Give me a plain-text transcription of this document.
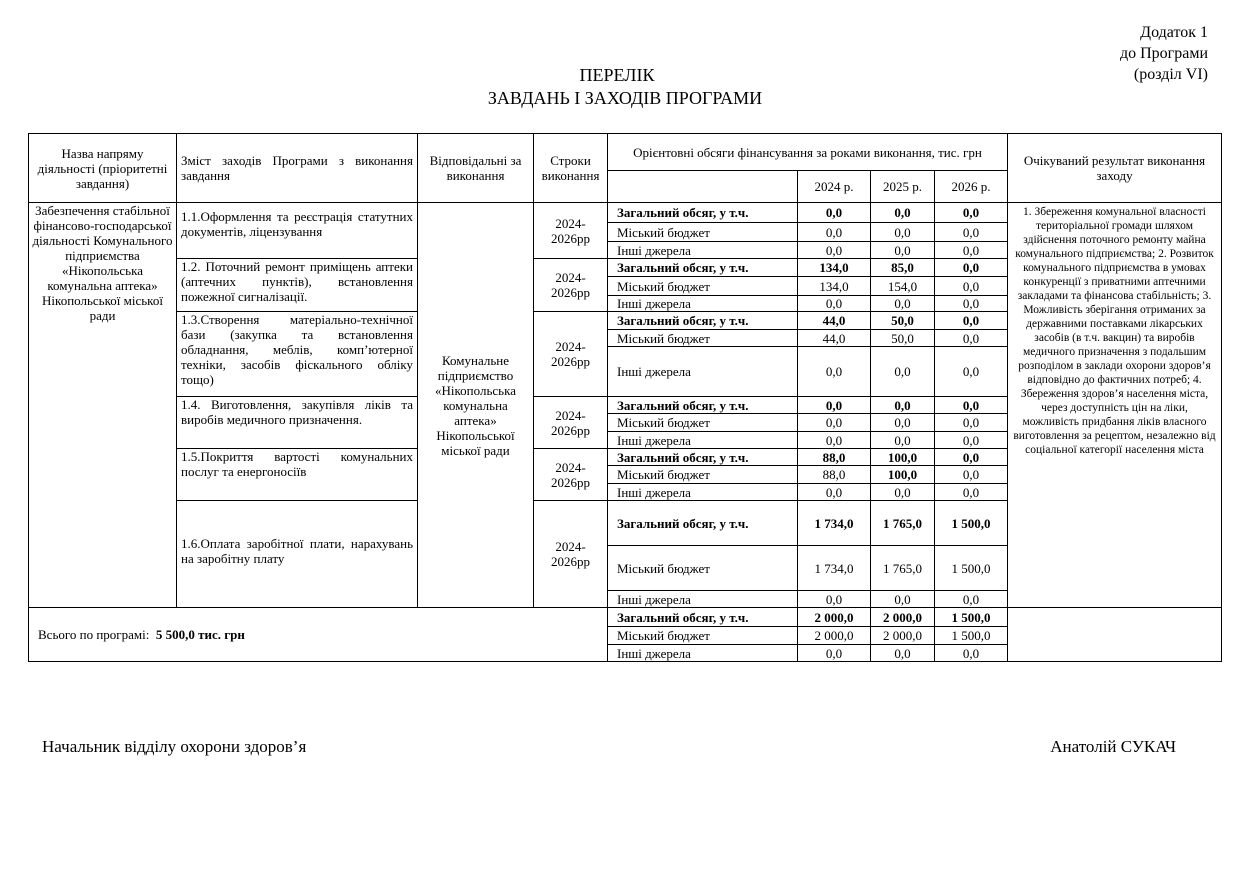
Додаток 1
до Програми
(розділ VI)
ПЕРЕЛІК
ЗАВДАНЬ І ЗАХОДІВ ПРОГРАМИ
Назва напряму діяльності (пріоритетні завдання)	Зміст заходів Програми з виконання завдання	Відповідальні за виконання	Строки виконання	Орієнтовні обсяги фінансування за роками виконання, тис. грн				Очікуваний результат виконання заходу
					2024 р.	2025 р.	2026 р.	
Забезпечення стабільної фінансово-господарської діяльності Комунального підприємства «Нікопольська комунальна аптека» Нікопольської міської ради	1.1.Оформлення та реєстрація статутних документів, ліцензування	Комунальне підприємство «Нікопольська комунальна аптека» Нікопольської міської ради	2024-2026рр	Загальний обсяг, у т.ч.	0,0	0,0	0,0	1. Збереження комунальної власності територіальної громади шляхом здійснення поточного ремонту майна комунального підприємства; 2. Розвиток комунального підприємства в умовах конкуренції з приватними аптечними закладами та фінансова стабільність; 3. Можливість зберігання отриманих за державними поставками лікарських засобів (в т.ч. вакцин) та виробів медичного призначення з подальшим розподілом в заклади охорони здоров’я відповідно до фактичних потреб; 4. Збереження здоров’я населення міста, через доступність цін на ліки, можливість придбання ліків власного виготовлення за рецептом, незалежно від соціальної категорії населення міста
				Міський бюджет	0,0	0,0	0,0	
				Інші джерела	0,0	0,0	0,0	
	1.2. Поточний ремонт приміщень аптеки (аптечних пунктів), встановлення пожежної сигналізації.		2024-2026рр	Загальний обсяг, у т.ч.	134,0	85,0	0,0	
				Міський бюджет	134,0	154,0	0,0	
				Інші джерела	0,0	0,0	0,0	
	1.3.Створення матеріально-технічної бази (закупка та встановлення обладнання, меблів, комп’ютерної техніки, засобів фіскального обліку тощо)		2024-2026рр	Загальний обсяг, у т.ч.	44,0	50,0	0,0	
				Міський бюджет	44,0	50,0	0,0	
				Інші джерела	0,0	0,0	0,0	
	1.4. Виготовлення, закупівля ліків та виробів медичного призначення.		2024-2026рр	Загальний обсяг, у т.ч.	0,0	0,0	0,0	
				Міський бюджет	0,0	0,0	0,0	
				Інші джерела	0,0	0,0	0,0	
	1.5.Покриття вартості комунальних послуг та енергоносіїв		2024-2026рр	Загальний обсяг, у т.ч.	88,0	100,0	0,0	
				Міський бюджет	88,0	100,0	0,0	
				Інші джерела	0,0	0,0	0,0	
	1.6.Оплата заробітної плати, нарахувань на заробітну плату		2024-2026рр	Загальний обсяг, у т.ч.	1 734,0	1 765,0	1 500,0	
				Міський бюджет	1 734,0	1 765,0	1 500,0	
				Інші джерела	0,0	0,0	0,0	
Всього по програмі: 5 500,0 тис. грн				Загальний обсяг, у т.ч.	2 000,0	2 000,0	1 500,0	
				Міський бюджет	2 000,0	2 000,0	1 500,0	
				Інші джерела	0,0	0,0	0,0	
Начальник відділу охорони здоров’я	Анатолій СУКАЧ
